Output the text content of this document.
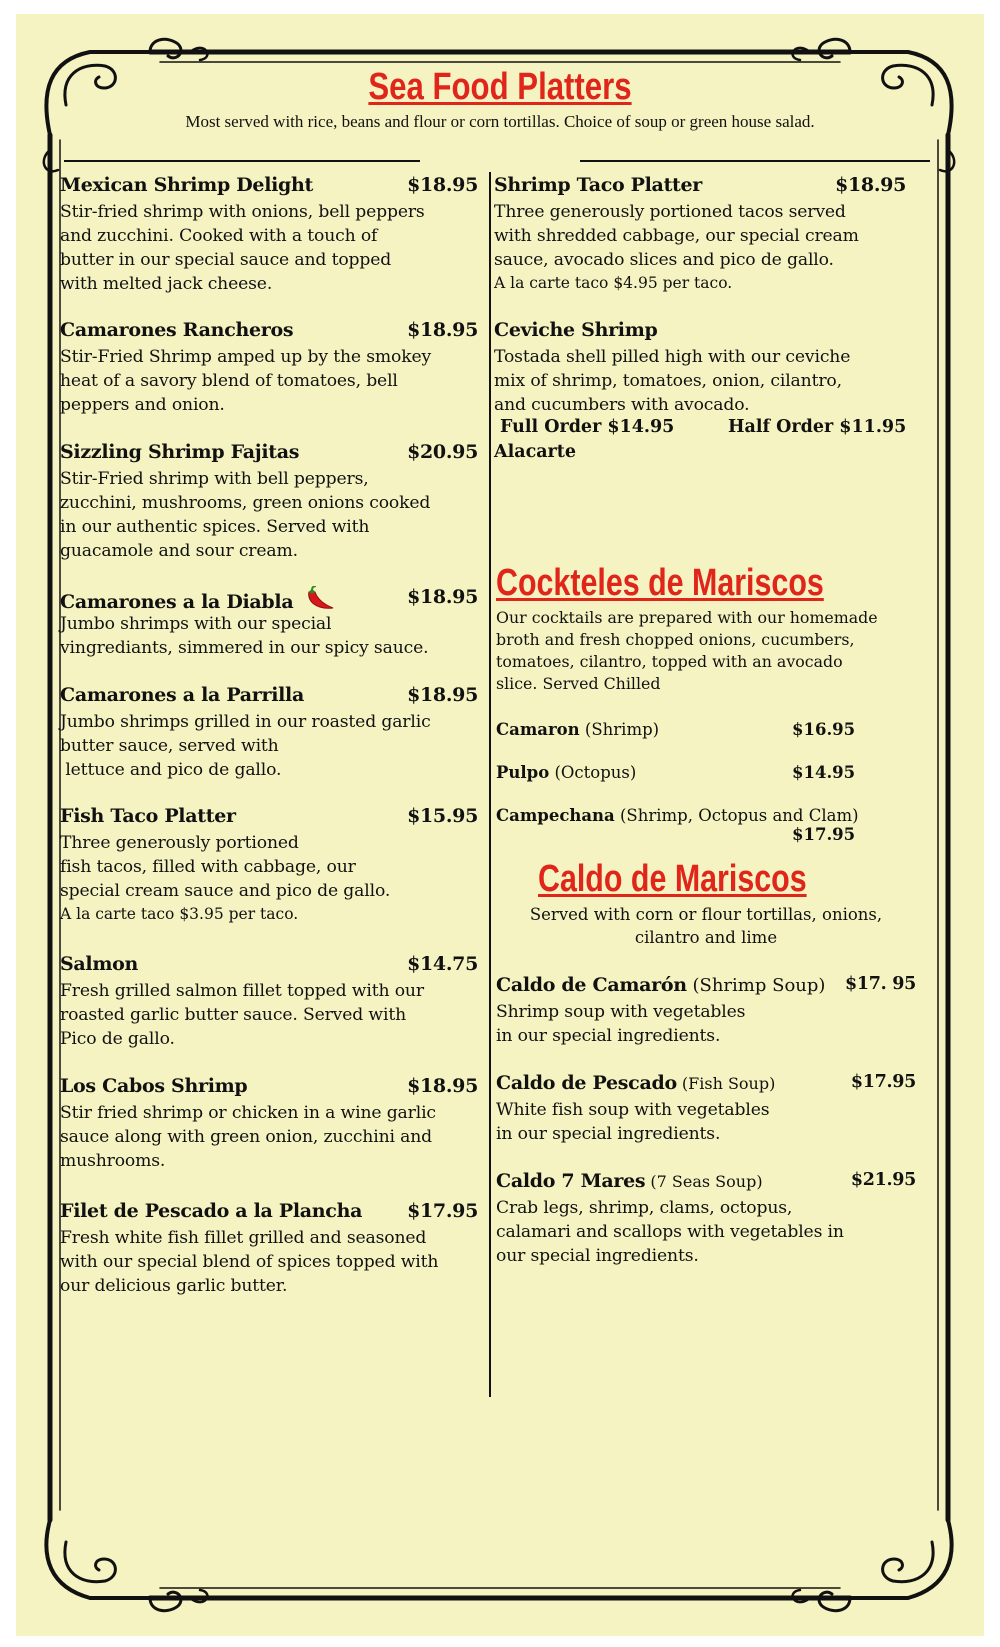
Sea Food Platters
Most served with rice, beans and flour or corn tortillas. Choice of soup or green house salad.
Mexican Shrimp Delight	$18.95
Stir-fried shrimp with onions, bell peppers
and zucchini. Cooked with a touch of
butter in our special sauce and topped
with melted jack cheese.
Camarones Rancheros	$18.95
Stir-Fried Shrimp amped up by the smokey
heat of a savory blend of tomatoes, bell
peppers and onion.
Sizzling Shrimp Fajitas	$20.95
Stir-Fried shrimp with bell peppers,
zucchini, mushrooms, green onions cooked
in our authentic spices. Served with
guacamole and sour cream.
Camarones a la Diabla	$18.95
Jumbo shrimps with our special
vingrediants, simmered in our spicy sauce.
Camarones a la Parrilla	$18.95
Jumbo shrimps grilled in our roasted garlic
butter sauce, served with
lettuce and pico de gallo.
Fish Taco Platter	$15.95
Three generously portioned
fish tacos, filled with cabbage, our
special cream sauce and pico de gallo.
A la carte taco $3.95 per taco.
Salmon	$14.75
Fresh grilled salmon fillet topped with our
roasted garlic butter sauce. Served with
Pico de gallo.
Los Cabos Shrimp	$18.95
Stir fried shrimp or chicken in a wine garlic
sauce along with green onion, zucchini and
mushrooms.
Filet de Pescado a la Plancha $17.95
Fresh white fish fillet grilled and seasoned
with our special blend of spices topped with
our delicious garlic butter.
Shrimp Taco Platter	$18.95
Three generously portioned tacos served
with shredded cabbage, our special cream
sauce, avocado slices and pico de gallo.
A la carte taco $4.95 per taco.
Ceviche Shrimp
Tostada shell pilled high with our ceviche
mix of shrimp, tomatoes, onion, cilantro,
and cucumbers with avocado.
Full Order $14.95	Half Order $11.95
Alacarte
Cockteles de Mariscos
Our cocktails are prepared with our homemade
broth and fresh chopped onions, cucumbers,
tomatoes, cilantro, topped with an avocado
slice. Served Chilled
Camaron (Shrimp)	$16.95
Pulpo (Octopus)	$14.95
Campechana (Shrimp, Octopus and Clam)
$17.95
Caldo de Mariscos
Served with corn or flour tortillas, onions,
cilantro and lime
Caldo de Camarón (Shrimp Soup) $17. 95
Shrimp soup with vegetables
in our special ingredients.
Caldo de Pescado (Fish Soup)	$17.95
White fish soup with vegetables
in our special ingredients.
Caldo 7 Mares (7 Seas Soup)	$21.95
Crab legs, shrimp, clams, octopus,
calamari and scallops with vegetables in
our special ingredients.
